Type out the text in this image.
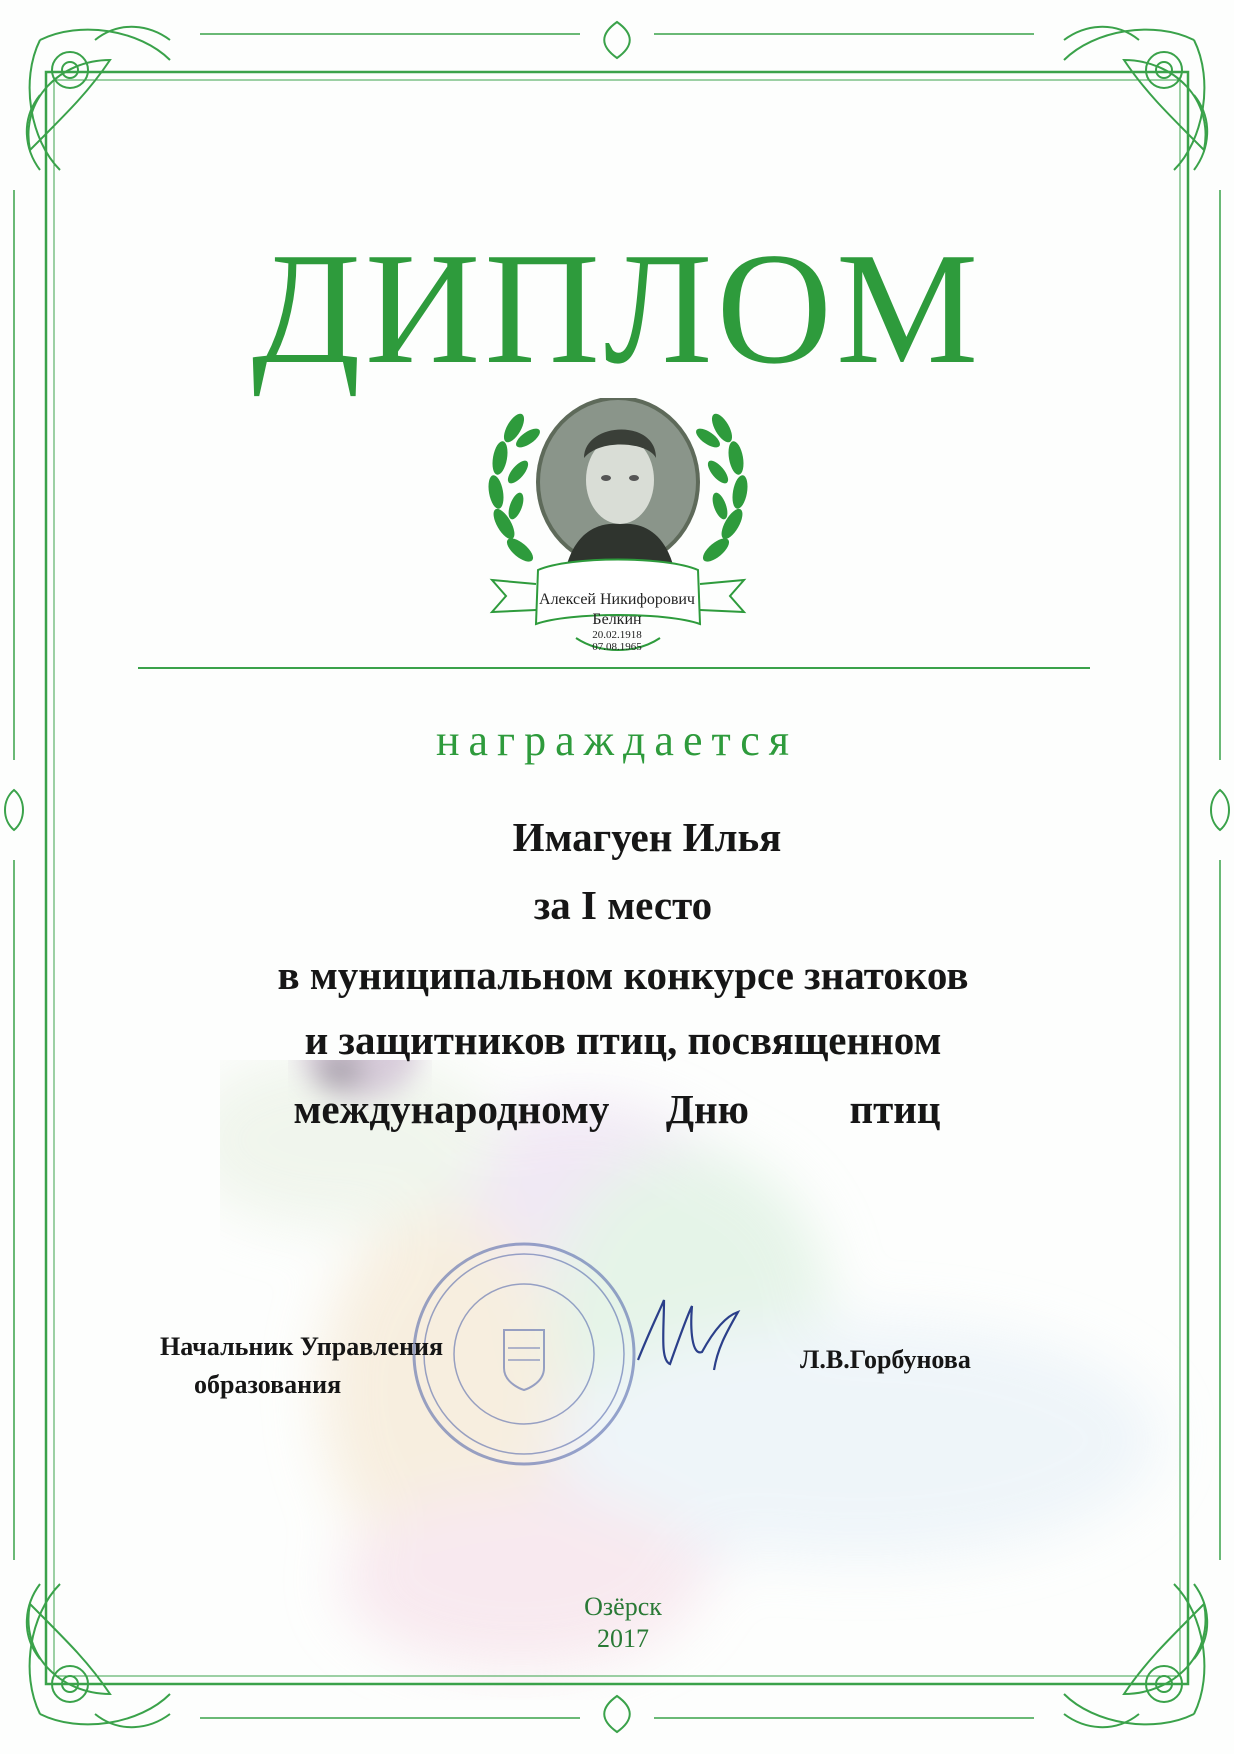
ДИПЛОМ
Алексей Никифорович
Белкин
20.02.1918
07.08.1965
награждается
Имагуен Илья
за I место
в муниципальном конкурсе знатоков
и защитников птиц, посвященном
международному Дню птиц
Начальник Управления
образования
Л.В.Горбунова
Озёрск
2017
